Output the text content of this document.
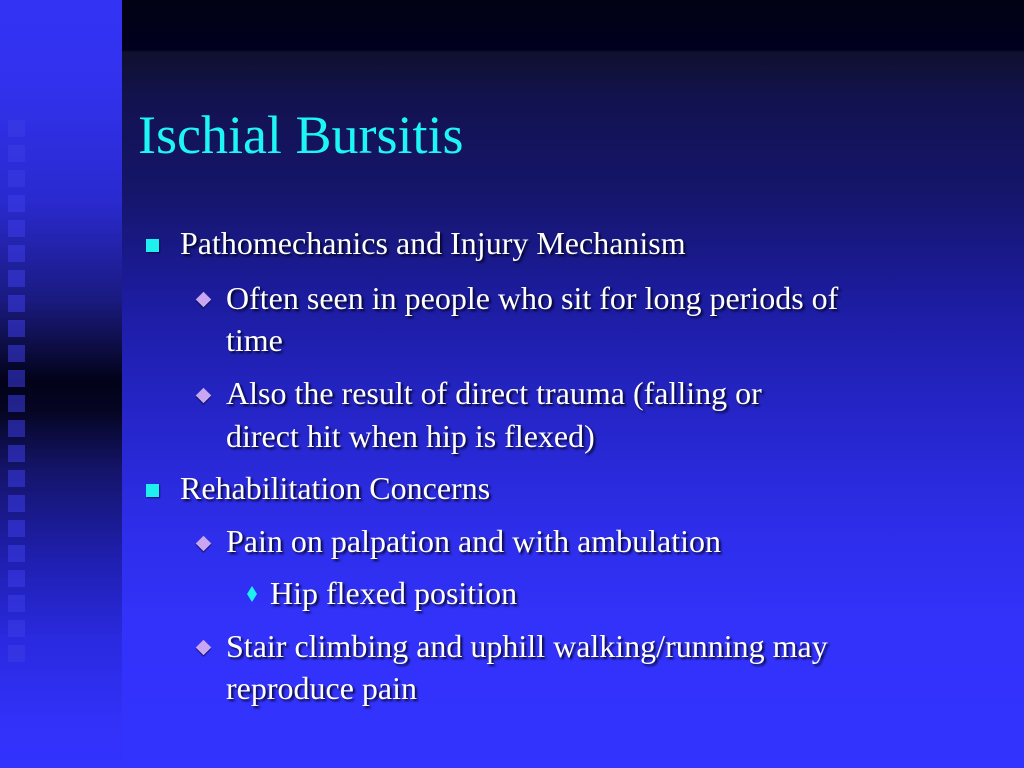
Ischial Bursitis
Pathomechanics and Injury Mechanism
Often seen in people who sit for long periods of
time
Also the result of direct trauma (falling or
direct hit when hip is flexed)
Rehabilitation Concerns
Pain on palpation and with ambulation
Hip flexed position
Stair climbing and uphill walking/running may
reproduce pain
